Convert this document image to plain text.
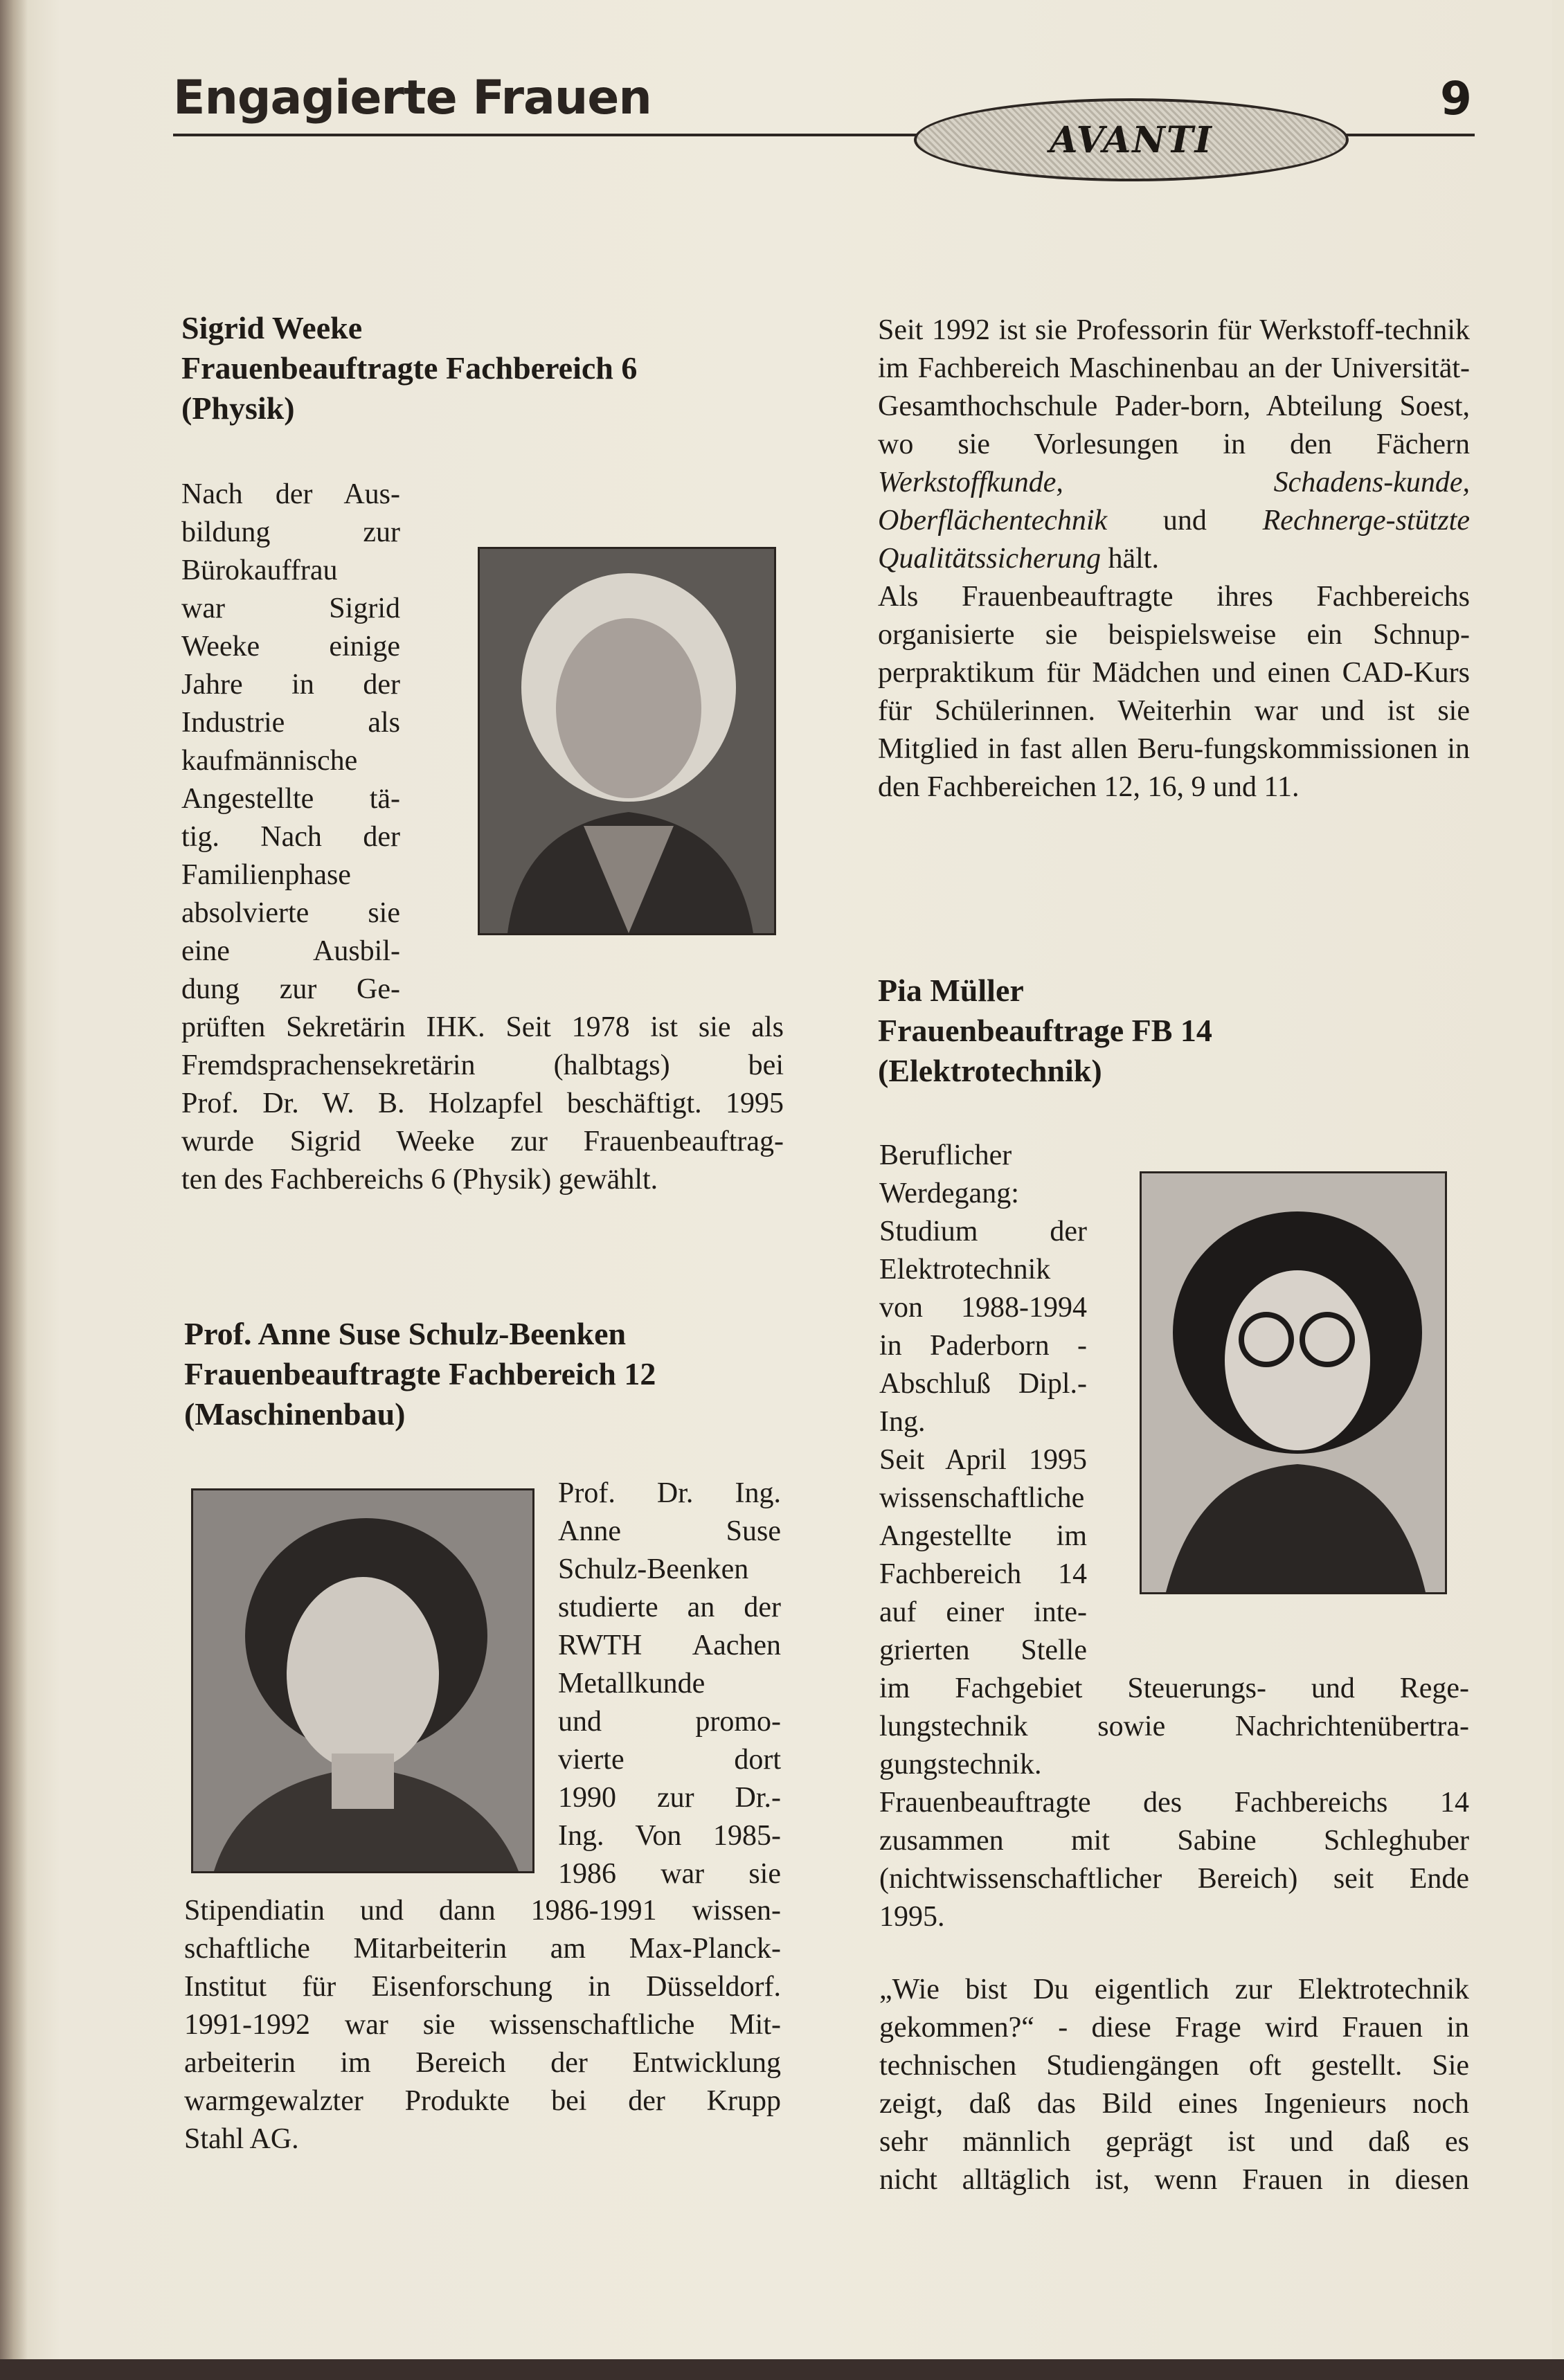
Engagierte Frauen
AVANTI
9
Sigrid Weeke
Frauenbeauftragte Fachbereich 6
(Physik)
Nach der Aus-
bildung zur
Bürokauffrau
war Sigrid
Weeke einige
Jahre in der
Industrie als
kaufmännische
Angestellte tä-
tig. Nach der
Familienphase
absolvierte sie
eine Ausbil-
dung zur Ge-
prüften Sekretärin IHK. Seit 1978 ist sie als
Fremdsprachensekretärin (halbtags) bei
Prof. Dr. W. B. Holzapfel beschäftigt. 1995
wurde Sigrid Weeke zur Frauenbeauftrag-
ten des Fachbereichs 6 (Physik) gewählt.
Prof. Anne Suse Schulz-Beenken
Frauenbeauftragte Fachbereich 12
(Maschinenbau)
Prof. Dr. Ing.
Anne Suse
Schulz-Beenken
studierte an der
RWTH Aachen
Metallkunde
und promo-
vierte dort
1990 zur Dr.-
Ing. Von 1985-
1986 war sie
Stipendiatin und dann 1986-1991 wissen-
schaftliche Mitarbeiterin am Max-Planck-
Institut für Eisenforschung in Düsseldorf.
1991-1992 war sie wissenschaftliche Mit-
arbeiterin im Bereich der Entwicklung
warmgewalzter Produkte bei der Krupp
Stahl AG.
Seit 1992 ist sie Professorin für Werkstoff-technik im Fachbereich Maschinenbau an der Universität-Gesamthochschule Pader-born, Abteilung Soest, wo sie Vorlesungen in den Fächern Werkstoffkunde, Schadens-kunde, Oberflächentechnik und Rechnerge-stützte Qualitätssicherung hält.
Als Frauenbeauftragte ihres Fachbereichs organisierte sie beispielsweise ein Schnup-perpraktikum für Mädchen und einen CAD-Kurs für Schülerinnen. Weiterhin war und ist sie Mitglied in fast allen Beru-fungskommissionen in den Fachbereichen 12, 16, 9 und 11.
Pia Müller
Frauenbeauftrage FB 14
(Elektrotechnik)
Beruflicher
Werdegang:
Studium der
Elektrotechnik
von 1988-1994
in Paderborn -
Abschluß Dipl.-
Ing.
Seit April 1995
wissenschaftliche
Angestellte im
Fachbereich 14
auf einer inte-
grierten Stelle
im Fachgebiet Steuerungs- und Rege-
lungstechnik sowie Nachrichtenübertra-
gungstechnik.
Frauenbeauftragte des Fachbereichs 14
zusammen mit Sabine Schleghuber
(nichtwissenschaftlicher Bereich) seit Ende
1995.
„Wie bist Du eigentlich zur Elektrotechnik
gekommen?“ - diese Frage wird Frauen in
technischen Studiengängen oft gestellt. Sie
zeigt, daß das Bild eines Ingenieurs noch
sehr männlich geprägt ist und daß es
nicht alltäglich ist, wenn Frauen in diesen
